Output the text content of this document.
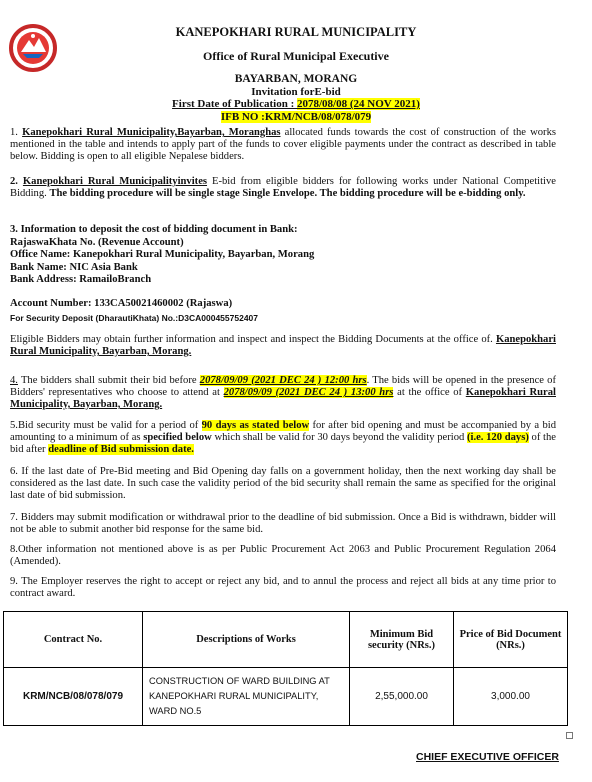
KANEPOKHARI RURAL MUNICIPALITY
Office of Rural Municipal Executive
BAYARBAN, MORANG
Invitation forE-bid
First Date of Publication : 2078/08/08 (24 NOV 2021)
IFB NO :KRM/NCB/08/078/079
1. Kanepokhari Rural Municipality,Bayarban, Moranghas allocated funds towards the cost of construction of the works mentioned in the table and intends to apply part of the funds to cover eligible payments under the contract as described in table below. Bidding is open to all eligible Nepalese bidders.
2. Kanepokhari Rural Municipalityinvites E-bid from eligible bidders for following works under National Competitive Bidding. The bidding procedure will be single stage Single Envelope. The bidding procedure will be e-bidding only.
3. Information to deposit the cost of bidding document in Bank:
RajaswaKhata No. (Revenue Account)
Office Name: Kanepokhari Rural Municipality, Bayarban, Morang
Bank Name: NIC Asia Bank
Bank Address: RamailoBranch
Account Number: 133CA50021460002 (Rajaswa)
For Security Deposit (DharautiKhata) No.:D3CA000455752407
Eligible Bidders may obtain further information and inspect and inspect the Bidding Documents at the office of. Kanepokhari Rural Municipality, Bayarban, Morang.
4. The bidders shall submit their bid before 2078/09/09 (2021 DEC 24 ) 12:00 hrs. The bids will be opened in the presence of Bidders' representatives who choose to attend at 2078/09/09 (2021 DEC 24 ) 13:00 hrs at the office of Kanepokhari Rural Municipality, Bayarban, Morang.
5.Bid security must be valid for a period of 90 days as stated below for after bid opening and must be accompanied by a bid amounting to a minimum of as specified below which shall be valid for 30 days beyond the validity period (i.e. 120 days) of the bid after deadline of Bid submission date.
6. If the last date of Pre-Bid meeting and Bid Opening day falls on a government holiday, then the next working day shall be considered as the last date. In such case the validity period of the bid security shall remain the same as specified for the original last date of bid submission.
7. Bidders may submit modification or withdrawal prior to the deadline of bid submission. Once a Bid is withdrawn, bidder will not be able to submit another bid response for the same bid.
8.Other information not mentioned above is as per Public Procurement Act 2063 and Public Procurement Regulation 2064 (Amended).
9. The Employer reserves the right to accept or reject any bid, and to annul the process and reject all bids at any time prior to contract award.
Contract No.	Descriptions of Works	Minimum Bid security (NRs.)	Price of Bid Document (NRs.)
KRM/NCB/08/078/079	CONSTRUCTION OF WARD BUILDING AT KANEPOKHARI RURAL MUNICIPALITY, WARD NO.5	2,55,000.00	3,000.00
CHIEF EXECUTIVE OFFICER
